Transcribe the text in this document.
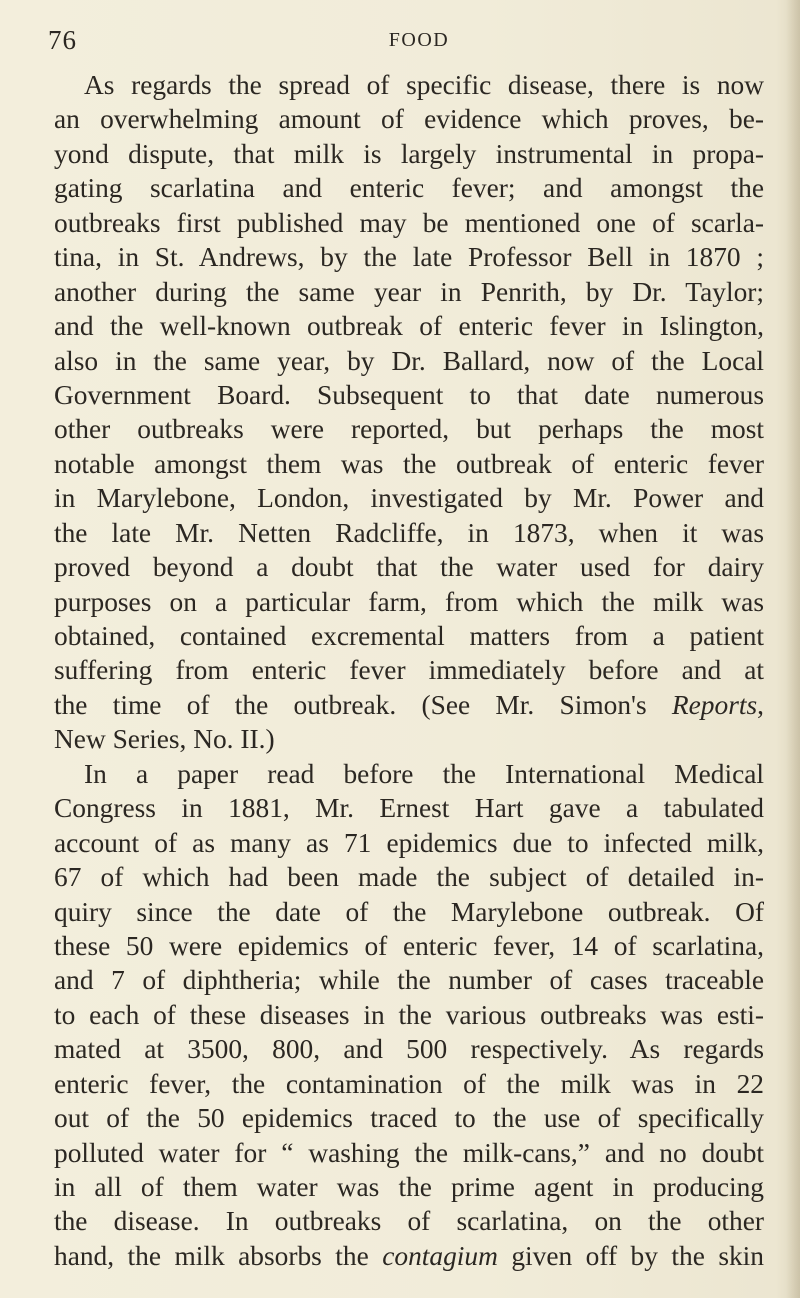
76	FOOD

As regards the spread of specific disease, there is now
an overwhelming amount of evidence which proves, be-
yond dispute, that milk is largely instrumental in propa-
gating scarlatina and enteric fever; and amongst the
outbreaks first published may be mentioned one of scarla-
tina, in St. Andrews, by the late Professor Bell in 1870 ;
another during the same year in Penrith, by Dr. Taylor;
and the well-known outbreak of enteric fever in Islington,
also in the same year, by Dr. Ballard, now of the Local
Government Board. Subsequent to that date numerous
other outbreaks were reported, but perhaps the most
notable amongst them was the outbreak of enteric fever
in Marylebone, London, investigated by Mr. Power and
the late Mr. Netten Radcliffe, in 1873, when it was
proved beyond a doubt that the water used for dairy
purposes on a particular farm, from which the milk was
obtained, contained excremental matters from a patient
suffering from enteric fever immediately before and at
the time of the outbreak. (See Mr. Simon's Reports,
New Series, No. II.)

In a paper read before the International Medical
Congress in 1881, Mr. Ernest Hart gave a tabulated
account of as many as 71 epidemics due to infected milk,
67 of which had been made the subject of detailed in-
quiry since the date of the Marylebone outbreak. Of
these 50 were epidemics of enteric fever, 14 of scarlatina,
and 7 of diphtheria; while the number of cases traceable
to each of these diseases in the various outbreaks was esti-
mated at 3500, 800, and 500 respectively. As regards
enteric fever, the contamination of the milk was in 22
out of the 50 epidemics traced to the use of specifically
polluted water for “ washing the milk-cans,” and no doubt
in all of them water was the prime agent in producing
the disease. In outbreaks of scarlatina, on the other
hand, the milk absorbs the contagium given off by the skin
